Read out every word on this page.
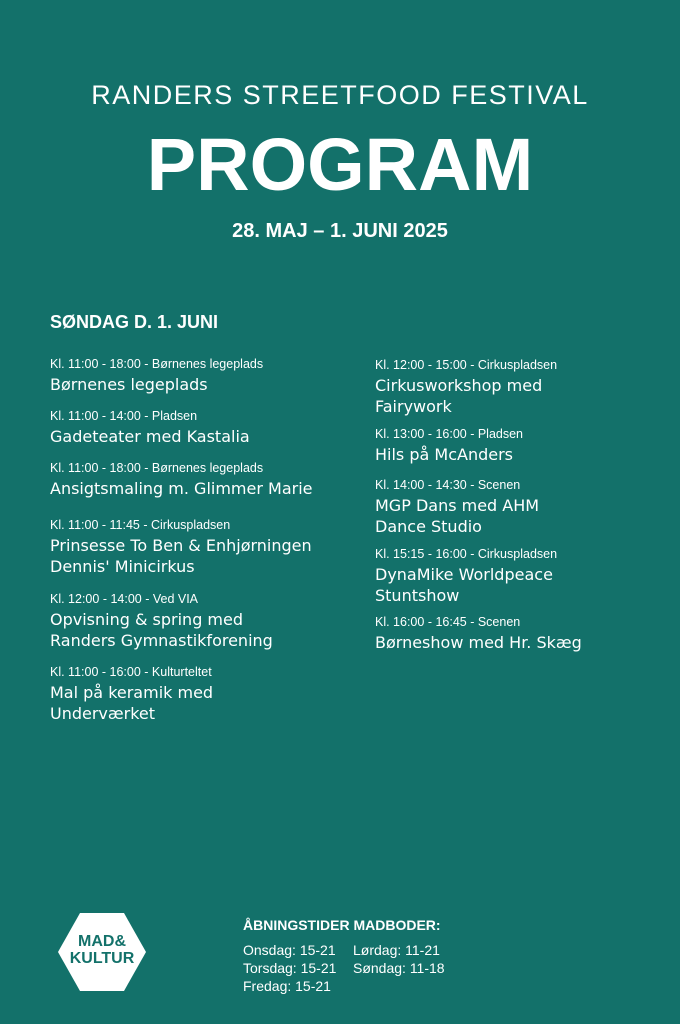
RANDERS STREETFOOD FESTIVAL
PROGRAM
28. MAJ – 1. JUNI 2025
SØNDAG D. 1. JUNI
Kl. 11:00 - 18:00 - Børnenes legeplads
Børnenes legeplads
Kl. 11:00 - 14:00 - Pladsen
Gadeteater med Kastalia
Kl. 11:00 - 18:00 - Børnenes legeplads
Ansigtsmaling m. Glimmer Marie
Kl. 11:00 - 11:45 - Cirkuspladsen
Prinsesse To Ben & Enhjørningen Dennis' Minicirkus
Kl. 12:00 - 14:00 - Ved VIA
Opvisning & spring med Randers Gymnastikforening
Kl. 11:00 - 16:00 - Kulturteltet
Mal på keramik med Underværket
Kl. 12:00 - 15:00 - Cirkuspladsen
Cirkusworkshop med Fairywork
Kl. 13:00 - 16:00 - Pladsen
Hils på McAnders
Kl. 14:00 - 14:30 - Scenen
MGP Dans med AHM Dance Studio
Kl. 15:15 - 16:00 - Cirkuspladsen
DynaMike Worldpeace Stuntshow
Kl. 16:00 - 16:45 - Scenen
Børneshow med Hr. Skæg
MAD&
KULTUR
ÅBNINGSTIDER MADBODER:
Onsdag: 15-21
Torsdag: 15-21
Fredag: 15-21
Lørdag: 11-21
Søndag: 11-18
